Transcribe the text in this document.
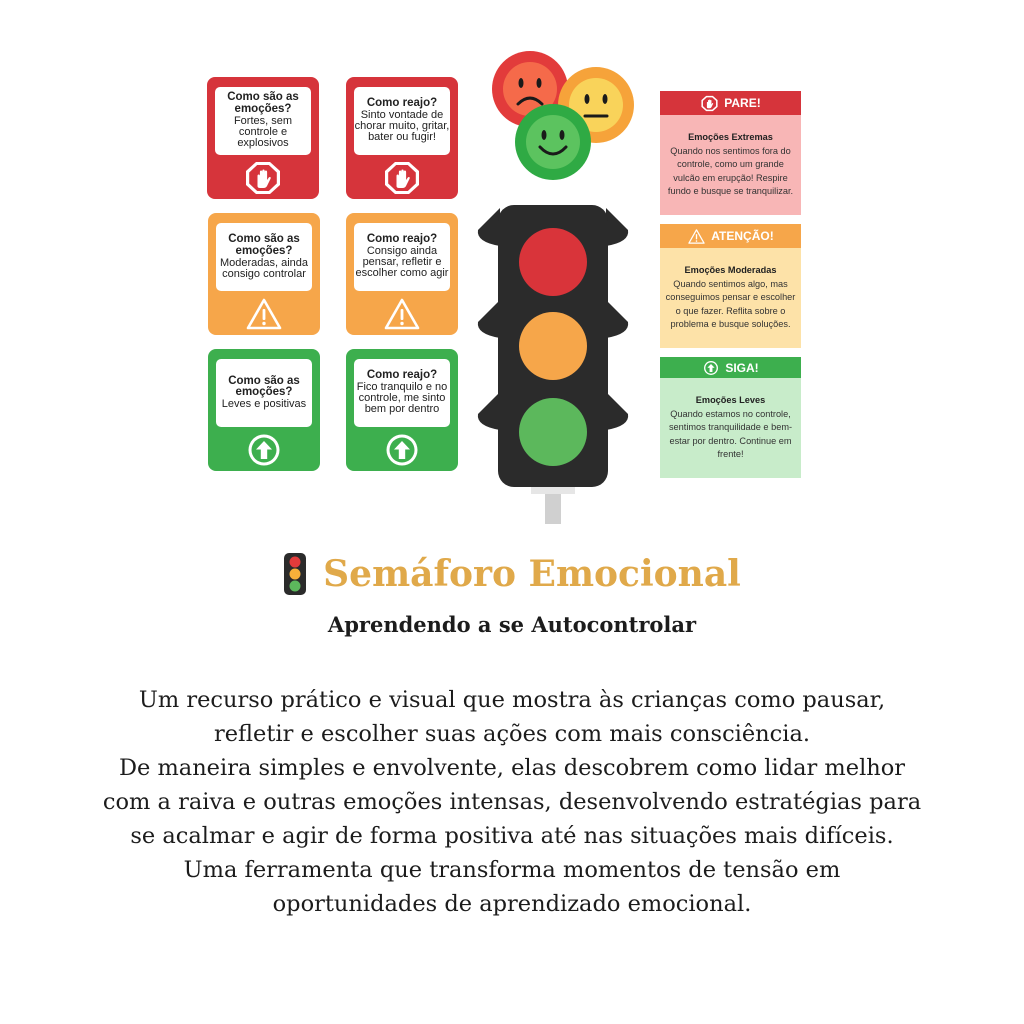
Como são as emoções?
Fortes, sem controle e explosivos
Como reajo?
Sinto vontade de chorar muito, gritar, bater ou fugir!
Como são as emoções?
Moderadas, ainda consigo controlar
Como reajo?
Consigo ainda pensar, refletir e escolher como agir
Como são as emoções?
Leves e positivas
Como reajo?
Fico tranquilo e no controle, me sinto bem por dentro
PARE!
Emoções Extremas
Quando nos sentimos fora do controle, como um grande vulcão em erupção! Respire fundo e busque se tranquilizar.
ATENÇÃO!
Emoções Moderadas
Quando sentimos algo, mas conseguimos pensar e escolher o que fazer. Reflita sobre o problema e busque soluções.
SIGA!
Emoções Leves
Quando estamos no controle, sentimos tranquilidade e bem-estar por dentro. Continue em frente!
Semáforo Emocional
Aprendendo a se Autocontrolar
Um recurso prático e visual que mostra às crianças como pausar,
refletir e escolher suas ações com mais consciência.
De maneira simples e envolvente, elas descobrem como lidar melhor
com a raiva e outras emoções intensas, desenvolvendo estratégias para
se acalmar e agir de forma positiva até nas situações mais difíceis.
Uma ferramenta que transforma momentos de tensão em
oportunidades de aprendizado emocional.
